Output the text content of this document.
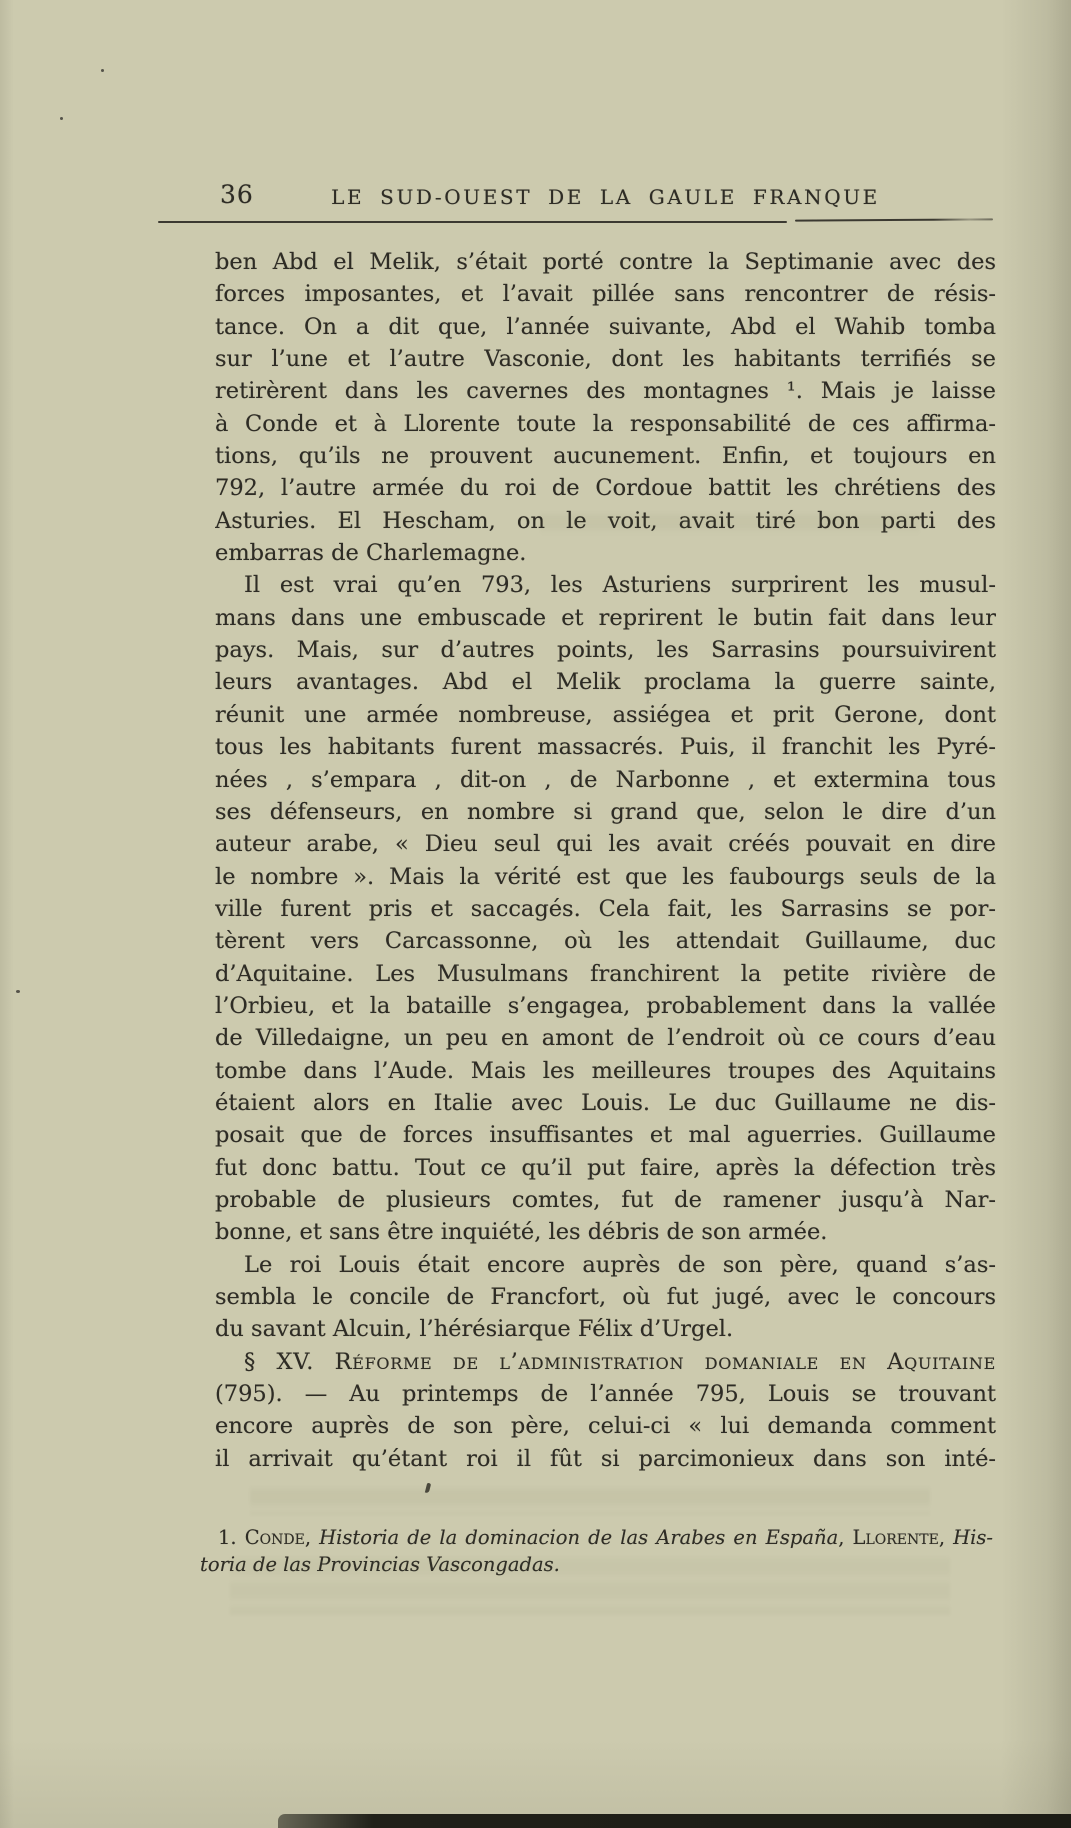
36	LE SUD-OUEST DE LA GAULE FRANQUE
ben Abd el Melik, s’était porté contre la Septimanie avec des
forces imposantes, et l’avait pillée sans rencontrer de résis-
tance. On a dit que, l’année suivante, Abd el Wahib tomba
sur l’une et l’autre Vasconie, dont les habitants terrifiés se
retirèrent dans les cavernes des montagnes ¹. Mais je laisse
à Conde et à Llorente toute la responsabilité de ces affirma-
tions, qu’ils ne prouvent aucunement. Enfin, et toujours en
792, l’autre armée du roi de Cordoue battit les chrétiens des
Asturies. El Hescham, on le voit, avait tiré bon parti des
embarras de Charlemagne.
Il est vrai qu’en 793, les Asturiens surprirent les musul-
mans dans une embuscade et reprirent le butin fait dans leur
pays. Mais, sur d’autres points, les Sarrasins poursuivirent
leurs avantages. Abd el Melik proclama la guerre sainte,
réunit une armée nombreuse, assiégea et prit Gerone, dont
tous les habitants furent massacrés. Puis, il franchit les Pyré-
nées , s’empara , dit-on , de Narbonne , et extermina tous
ses défenseurs, en nombre si grand que, selon le dire d’un
auteur arabe, « Dieu seul qui les avait créés pouvait en dire
le nombre ». Mais la vérité est que les faubourgs seuls de la
ville furent pris et saccagés. Cela fait, les Sarrasins se por-
tèrent vers Carcassonne, où les attendait Guillaume, duc
d’Aquitaine. Les Musulmans franchirent la petite rivière de
l’Orbieu, et la bataille s’engagea, probablement dans la vallée
de Villedaigne, un peu en amont de l’endroit où ce cours d’eau
tombe dans l’Aude. Mais les meilleures troupes des Aquitains
étaient alors en Italie avec Louis. Le duc Guillaume ne dis-
posait que de forces insuffisantes et mal aguerries. Guillaume
fut donc battu. Tout ce qu’il put faire, après la défection très
probable de plusieurs comtes, fut de ramener jusqu’à Nar-
bonne, et sans être inquiété, les débris de son armée.
Le roi Louis était encore auprès de son père, quand s’as-
sembla le concile de Francfort, où fut jugé, avec le concours
du savant Alcuin, l’hérésiarque Félix d’Urgel.
§ XV. Réforme de l’administration domaniale en Aquitaine
(795). — Au printemps de l’année 795, Louis se trouvant
encore auprès de son père, celui-ci « lui demanda comment
il arrivait qu’étant roi il fût si parcimonieux dans son inté-
1. Conde, Historia de la dominacion de las Arabes en España, Llorente, His-
toria de las Provincias Vascongadas.
